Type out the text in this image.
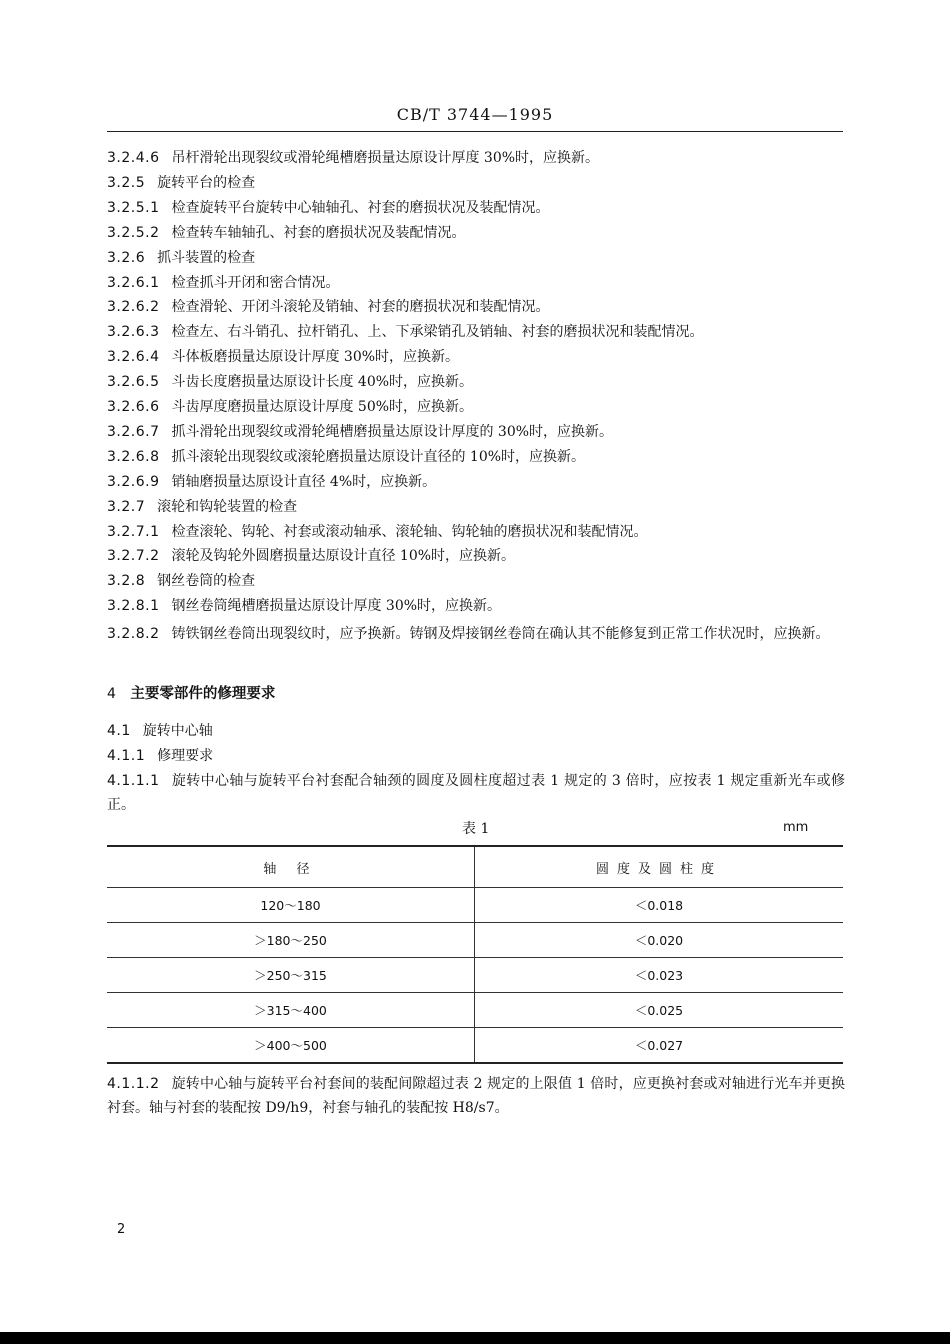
CB/T 3744—1995
3.2.4.6 吊杆滑轮出现裂纹或滑轮绳槽磨损量达原设计厚度 30%时，应换新。
3.2.5 旋转平台的检查
3.2.5.1 检查旋转平台旋转中心轴轴孔、衬套的磨损状况及装配情况。
3.2.5.2 检查转车轴轴孔、衬套的磨损状况及装配情况。
3.2.6 抓斗装置的检查
3.2.6.1 检查抓斗开闭和密合情况。
3.2.6.2 检查滑轮、开闭斗滚轮及销轴、衬套的磨损状况和装配情况。
3.2.6.3 检查左、右斗销孔、拉杆销孔、上、下承梁销孔及销轴、衬套的磨损状况和装配情况。
3.2.6.4 斗体板磨损量达原设计厚度 30%时，应换新。
3.2.6.5 斗齿长度磨损量达原设计长度 40%时，应换新。
3.2.6.6 斗齿厚度磨损量达原设计厚度 50%时，应换新。
3.2.6.7 抓斗滑轮出现裂纹或滑轮绳槽磨损量达原设计厚度的 30%时，应换新。
3.2.6.8 抓斗滚轮出现裂纹或滚轮磨损量达原设计直径的 10%时，应换新。
3.2.6.9 销轴磨损量达原设计直径 4%时，应换新。
3.2.7 滚轮和钩轮装置的检查
3.2.7.1 检查滚轮、钩轮、衬套或滚动轴承、滚轮轴、钩轮轴的磨损状况和装配情况。
3.2.7.2 滚轮及钩轮外圆磨损量达原设计直径 10%时，应换新。
3.2.8 钢丝卷筒的检查
3.2.8.1 钢丝卷筒绳槽磨损量达原设计厚度 30%时，应换新。
3.2.8.2 铸铁钢丝卷筒出现裂纹时，应予换新。铸钢及焊接钢丝卷筒在确认其不能修复到正常工作状况时，应换新。
4 主要零部件的修理要求
4.1 旋转中心轴
4.1.1 修理要求
4.1.1.1 旋转中心轴与旋转平台衬套配合轴颈的圆度及圆柱度超过表 1 规定的 3 倍时，应按表 1 规定重新光车或修正。
表 1	mm
轴 径	圆度及圆柱度
120～180	＜0.018
＞180～250	＜0.020
＞250～315	＜0.023
＞315～400	＜0.025
＞400～500	＜0.027
4.1.1.2 旋转中心轴与旋转平台衬套间的装配间隙超过表 2 规定的上限值 1 倍时，应更换衬套或对轴进行光车并更换衬套。轴与衬套的装配按 D9/h9，衬套与轴孔的装配按 H8/s7。
2
